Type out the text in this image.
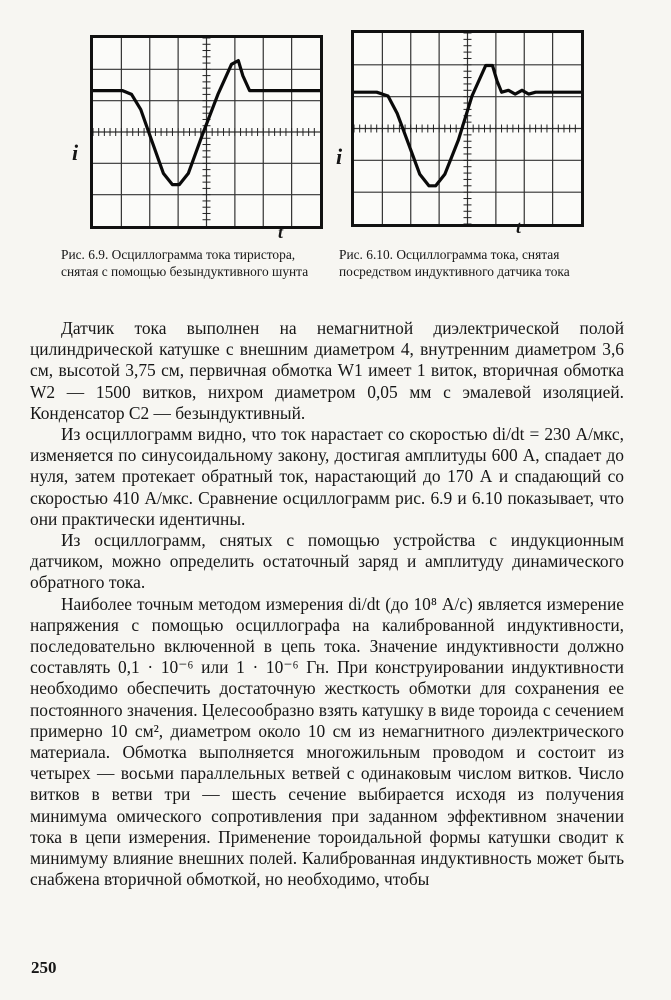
i
t
Рис. 6.9. Осциллограмма тока тиристора, снятая с помощью безындуктивного шунта
i
t
Рис. 6.10. Осциллограмма тока, снятая посредством индуктивного датчика тока

Датчик тока выполнен на немагнитной диэлектрической полой цилиндрической катушке с внешним диаметром 4, внутренним диаметром 3,6 см, высотой 3,75 см, первичная обмотка W1 имеет 1 виток, вторичная обмотка W2 — 1500 витков, нихром диаметром 0,05 мм с эмалевой изоляцией. Конденсатор C2 — безындуктивный.

Из осциллограмм видно, что ток нарастает со скоростью di/dt = 230 А/мкс, изменяется по синусоидальному закону, достигая амплитуды 600 А, спадает до нуля, затем протекает обратный ток, нарастающий до 170 А и спадающий со скоростью 410 А/мкс. Сравнение осциллограмм рис. 6.9 и 6.10 показывает, что они практически идентичны.

Из осциллограмм, снятых с помощью устройства с индукционным датчиком, можно определить остаточный заряд и амплитуду динамического обратного тока.

Наиболее точным методом измерения di/dt (до 10⁸ А/с) является измерение напряжения с помощью осциллографа на калиброванной индуктивности, последовательно включенной в цепь тока. Значение индуктивности должно составлять 0,1 · 10⁻⁶ или 1 · 10⁻⁶ Гн. При конструировании индуктивности необходимо обеспечить достаточную жесткость обмотки для сохранения ее постоянного значения. Целесообразно взять катушку в виде тороида с сечением примерно 10 см², диаметром около 10 см из немагнитного диэлектрического материала. Обмотка выполняется многожильным проводом и состоит из четырех — восьми параллельных ветвей с одинаковым числом витков. Число витков в ветви три — шесть сечение выбирается исходя из получения минимума омического сопротивления при заданном эффективном значении тока в цепи измерения. Применение тороидальной формы катушки сводит к минимуму влияние внешних полей. Калиброванная индуктивность может быть снабжена вторичной обмоткой, но необходимо, чтобы

250
